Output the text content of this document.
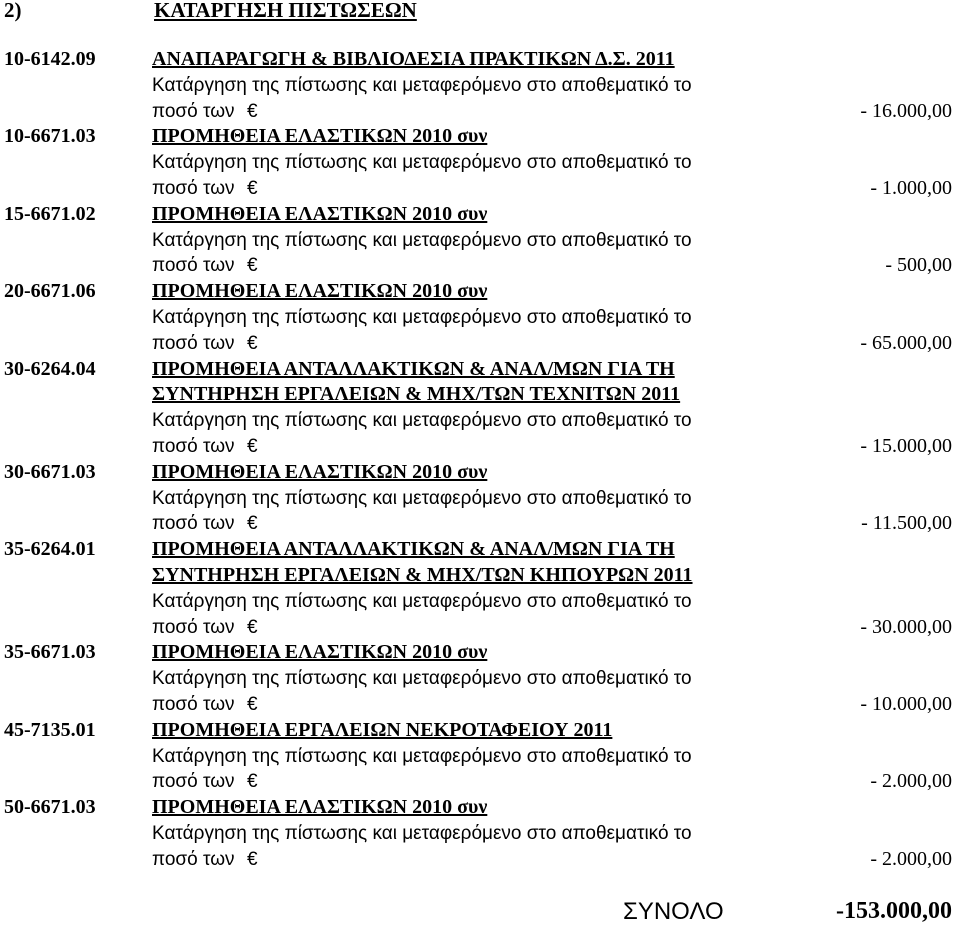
2)	ΚΑΤΑΡΓΗΣΗ ΠΙΣΤΩΣΕΩΝ
10-6142.09	ΑΝΑΠΑΡΑΓΩΓΗ & ΒΙΒΛΙΟΔΕΣΙΑ ΠΡΑΚΤΙΚΩΝ Δ.Σ. 2011
Κατάργηση της πίστωσης και μεταφερόμενο στο αποθεματικό το
ποσό των €	- 16.000,00
10-6671.03	ΠΡΟΜΗΘΕΙΑ ΕΛΑΣΤΙΚΩΝ 2010 συν
Κατάργηση της πίστωσης και μεταφερόμενο στο αποθεματικό το
ποσό των €	- 1.000,00
15-6671.02	ΠΡΟΜΗΘΕΙΑ ΕΛΑΣΤΙΚΩΝ 2010 συν
Κατάργηση της πίστωσης και μεταφερόμενο στο αποθεματικό το
ποσό των €	- 500,00
20-6671.06	ΠΡΟΜΗΘΕΙΑ ΕΛΑΣΤΙΚΩΝ 2010 συν
Κατάργηση της πίστωσης και μεταφερόμενο στο αποθεματικό το
ποσό των €	- 65.000,00
30-6264.04	ΠΡΟΜΗΘΕΙΑ ΑΝΤΑΛΛΑΚΤΙΚΩΝ & ΑΝΑΛ/ΜΩΝ ΓΙΑ ΤΗ
ΣΥΝΤΗΡΗΣΗ ΕΡΓΑΛΕΙΩΝ & ΜΗΧ/ΤΩΝ ΤΕΧΝΙΤΩΝ 2011
Κατάργηση της πίστωσης και μεταφερόμενο στο αποθεματικό το
ποσό των €	- 15.000,00
30-6671.03	ΠΡΟΜΗΘΕΙΑ ΕΛΑΣΤΙΚΩΝ 2010 συν
Κατάργηση της πίστωσης και μεταφερόμενο στο αποθεματικό το
ποσό των €	- 11.500,00
35-6264.01	ΠΡΟΜΗΘΕΙΑ ΑΝΤΑΛΛΑΚΤΙΚΩΝ & ΑΝΑΛ/ΜΩΝ ΓΙΑ ΤΗ
ΣΥΝΤΗΡΗΣΗ ΕΡΓΑΛΕΙΩΝ & ΜΗΧ/ΤΩΝ ΚΗΠΟΥΡΩΝ 2011
Κατάργηση της πίστωσης και μεταφερόμενο στο αποθεματικό το
ποσό των €	- 30.000,00
35-6671.03	ΠΡΟΜΗΘΕΙΑ ΕΛΑΣΤΙΚΩΝ 2010 συν
Κατάργηση της πίστωσης και μεταφερόμενο στο αποθεματικό το
ποσό των €	- 10.000,00
45-7135.01	ΠΡΟΜΗΘΕΙΑ ΕΡΓΑΛΕΙΩΝ ΝΕΚΡΟΤΑΦΕΙΟΥ 2011
Κατάργηση της πίστωσης και μεταφερόμενο στο αποθεματικό το
ποσό των €	- 2.000,00
50-6671.03	ΠΡΟΜΗΘΕΙΑ ΕΛΑΣΤΙΚΩΝ 2010 συν
Κατάργηση της πίστωσης και μεταφερόμενο στο αποθεματικό το
ποσό των €	- 2.000,00
ΣΥΝΟΛΟ	-153.000,00
